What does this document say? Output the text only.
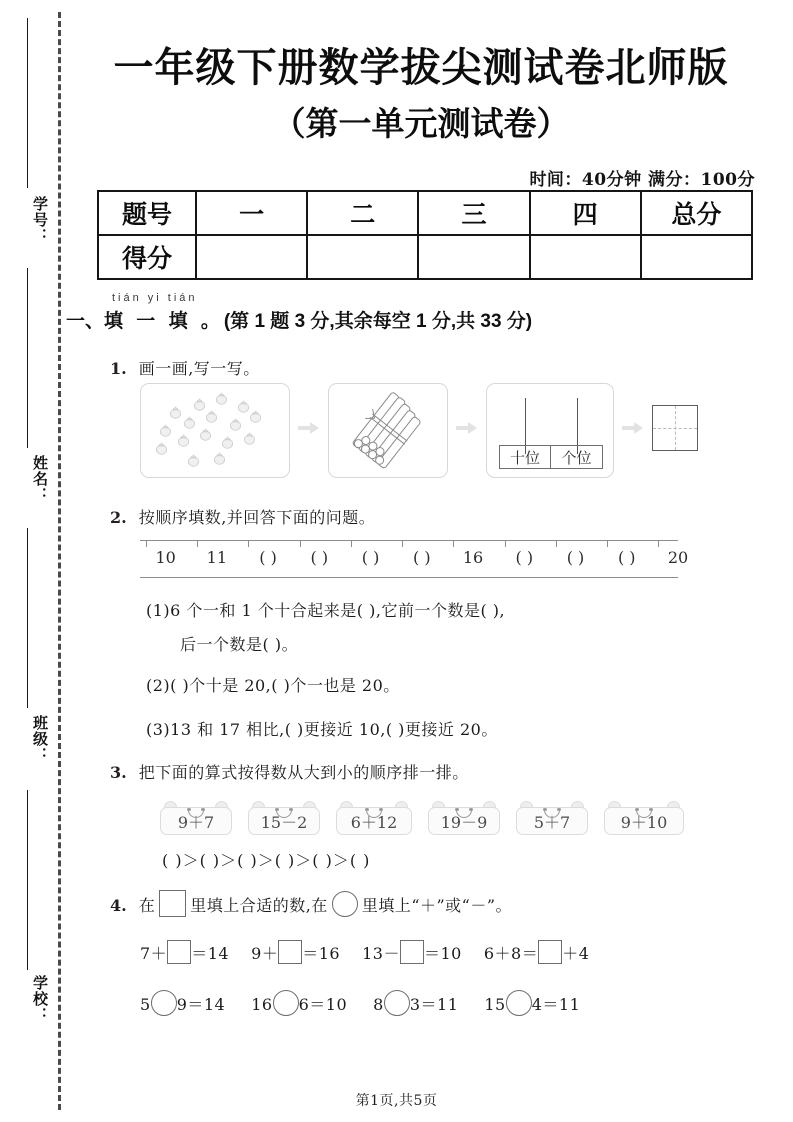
学号：
姓名：
班级：
学校：
一年级下册数学拔尖测试卷北师版
（第一单元测试卷）
时间：40分钟 满分：100分
题号	一	二	三	四	总分
得分					
tián yi tián
一、填 一 填 。(第 1 题 3 分,其余每空 1 分,共 33 分)
1. 画一画,写一写。
十位	个位
2. 按顺序填数,并回答下面的问题。
10	11	( )	( )	( )	( )	16	( )	( )	( )	20
(1)6 个一和 1 个十合起来是( ),它前一个数是( ),
后一个数是( )。
(2)( )个十是 20,( )个一也是 20。
(3)13 和 17 相比,( )更接近 10,( )更接近 20。
3. 把下面的算式按得数从大到小的顺序排一排。
9＋7	15－2	6＋12	19－9	5＋7	9＋10
( )＞( )＞( )＞( )＞( )＞( )
4. 在 里填上合适的数,在 里填上“＋”或“－”。
7＋ ＝14 9＋ ＝16 13－ ＝10 6＋8＝ ＋4
5 9＝14 16 6＝10 8 3＝11 15 4＝11
第1页,共5页
